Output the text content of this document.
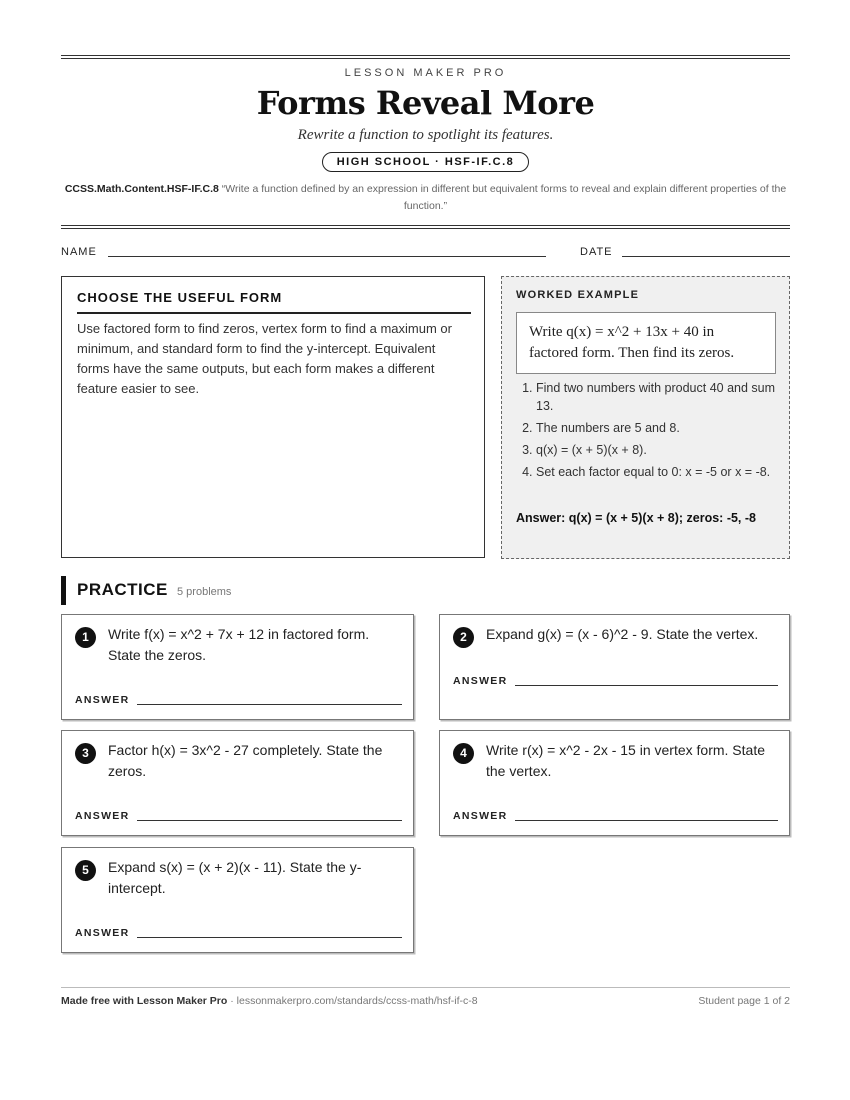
LESSON MAKER PRO
Forms Reveal More
Rewrite a function to spotlight its features.
HIGH SCHOOL · HSF-IF.C.8
CCSS.Math.Content.HSF-IF.C.8 “Write a function defined by an expression in different but equivalent forms to reveal and explain different properties of the function.”
NAME	DATE
CHOOSE THE USEFUL FORM

Use factored form to find zeros, vertex form to find a maximum or minimum, and standard form to find the y-intercept. Equivalent forms have the same outputs, but each form makes a different feature easier to see.

WORKED EXAMPLE
Write q(x) = x^2 + 13x + 40 in factored form. Then find its zeros.
1. Find two numbers with product 40 and sum 13.
2. The numbers are 5 and 8.
3. q(x) = (x + 5)(x + 8).
4. Set each factor equal to 0: x = -5 or x = -8.
Answer: q(x) = (x + 5)(x + 8); zeros: -5, -8
PRACTICE 5 problems
1	Write f(x) = x^2 + 7x + 12 in factored form. State the zeros.
ANSWER
2	Expand g(x) = (x - 6)^2 - 9. State the vertex.
ANSWER
3	Factor h(x) = 3x^2 - 27 completely. State the zeros.
ANSWER
4	Write r(x) = x^2 - 2x - 15 in vertex form. State the vertex.
ANSWER
5	Expand s(x) = (x + 2)(x - 11). State the y-intercept.
ANSWER
Made free with Lesson Maker Pro · lessonmakerpro.com/standards/ccss-math/hsf-if-c-8	Student page 1 of 2
